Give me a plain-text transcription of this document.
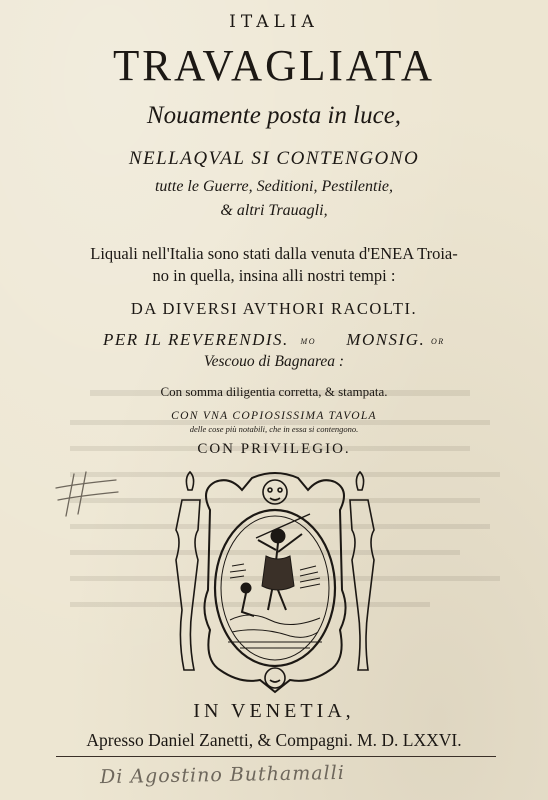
ITALIA
TRAVAGLIATA
Nouamente posta in luce,
NELLAQVAL SI CONTENGONO
tutte le Guerre, Seditioni, Pestilentie,
& altri Trauagli,
Liquali nell'Italia sono stati dalla venuta d'ENEA Troia-
no in quella, insina alli nostri tempi :
DA DIVERSI AVTHORI RACOLTI.
PER IL REVERENDIS. MO MONSIG. OR
Vescouo di Bagnarea :
Con somma diligentia corretta, & stampata.
CON VNA COPIOSISSIMA TAVOLA
delle cose più notabili, che in essa si contengono.
CON PRIVILEGIO.
IN VENETIA,
Apresso Daniel Zanetti, & Compagni. M. D. LXXVI.
Di Agostino Buthamalli
